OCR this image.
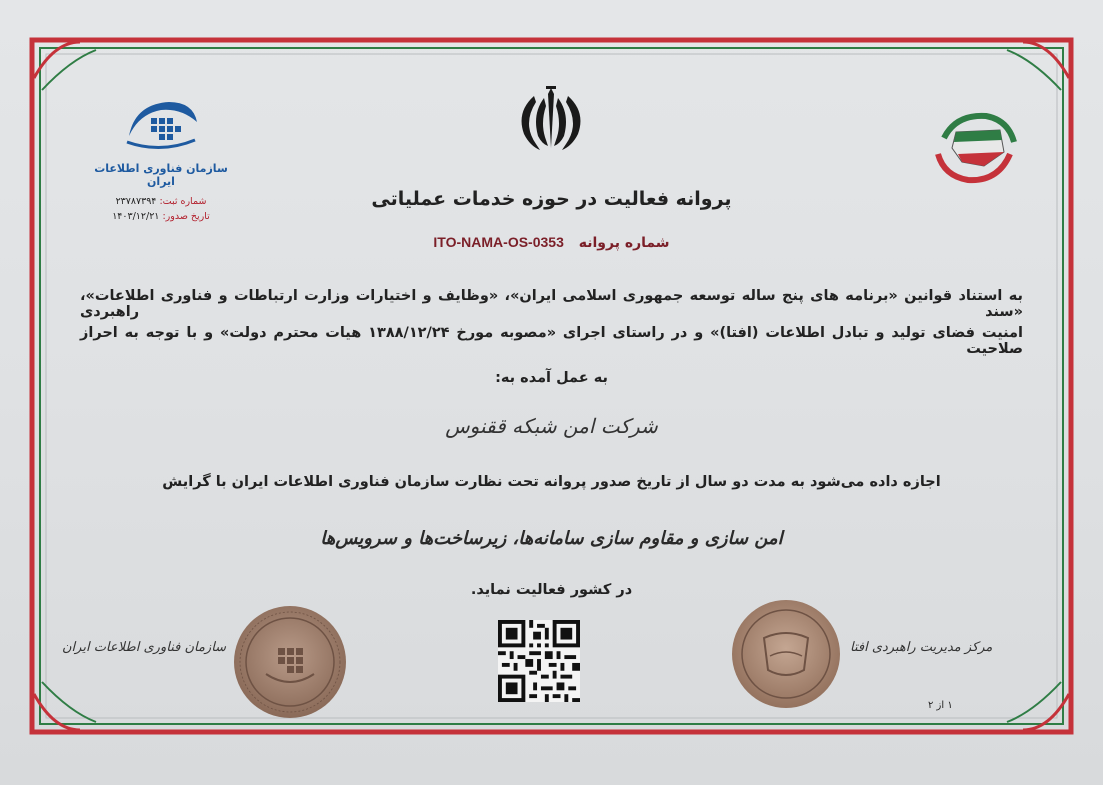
سازمان فناوری اطلاعات ایران
شماره ثبت: ۲۳۷۸۷۳۹۴
تاریخ صدور: ۱۴۰۳/۱۲/۲۱
پروانه فعالیت در حوزه خدمات عملیاتی
شماره پروانه ITO-NAMA-OS-0353
به استناد قوانین «برنامه های پنج ساله توسعه جمهوری اسلامی ایران»، «وظایف و اختیارات وزارت ارتباطات و فناوری اطلاعات»، «سند راهبردی
امنیت فضای تولید و تبادل اطلاعات (افتا)» و در راستای اجرای «مصوبه مورخ ۱۳۸۸/۱۲/۲۴ هیات محترم دولت» و با توجه به احراز صلاحیت
به عمل آمده به:
شرکت امن شبکه ققنوس
اجازه داده می‌شود به مدت دو سال از تاریخ صدور پروانه تحت نظارت سازمان فناوری اطلاعات ایران با گرایش
امن سازی و مقاوم سازی سامانه‌ها، زیرساخت‌ها و سرویس‌ها
در کشور فعالیت نماید.
سازمان فناوری اطلاعات ایران	مرکز مدیریت راهبردی افتا
۱ از ۲
